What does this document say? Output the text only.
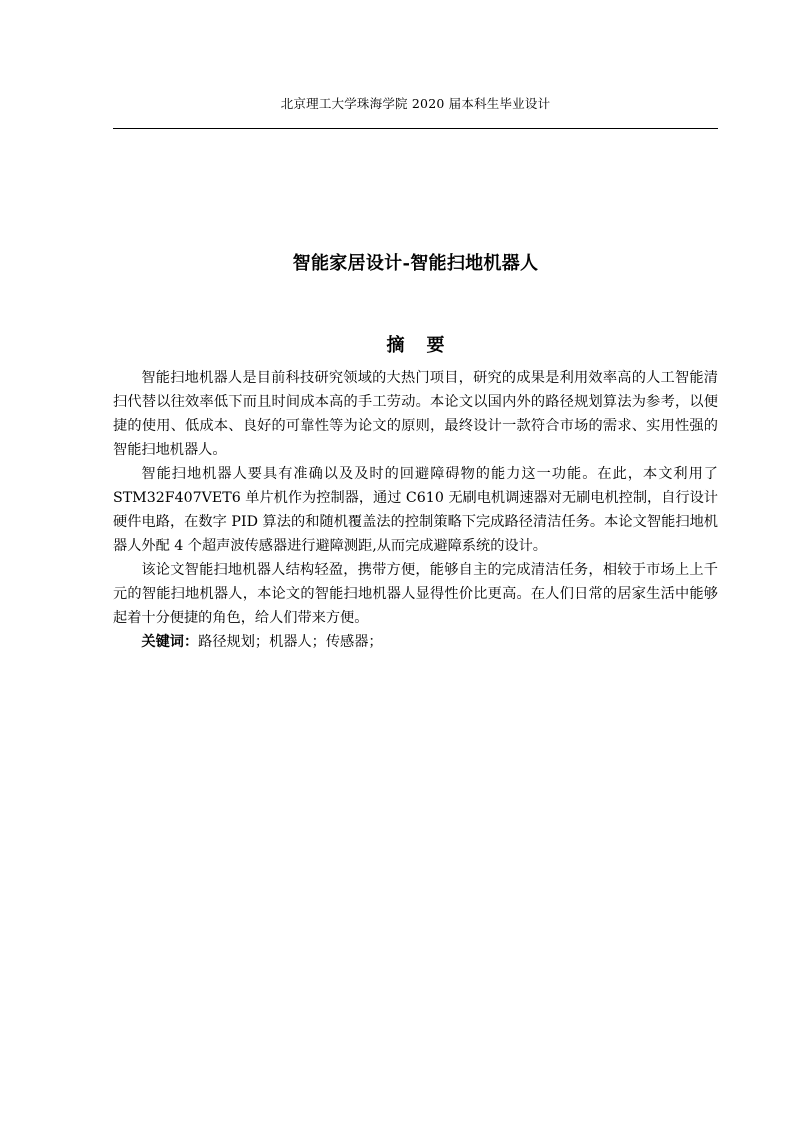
北京理工大学珠海学院 2020 届本科生毕业设计
智能家居设计-智能扫地机器人
摘要

智能扫地机器人是目前科技研究领域的大热门项目，研究的成果是利用效率高的人工智能清扫代替以往效率低下而且时间成本高的手工劳动。本论文以国内外的路径规划算法为参考，以便捷的使用、低成本、良好的可靠性等为论文的原则，最终设计一款符合市场的需求、实用性强的智能扫地机器人。

智能扫地机器人要具有准确以及及时的回避障碍物的能力这一功能。在此，本文利用了 STM32F407VET6 单片机作为控制器，通过 C610 无刷电机调速器对无刷电机控制，自行设计硬件电路，在数字 PID 算法的和随机覆盖法的控制策略下完成路径清洁任务。本论文智能扫地机器人外配 4 个超声波传感器进行避障测距,从而完成避障系统的设计。

该论文智能扫地机器人结构轻盈，携带方便，能够自主的完成清洁任务，相较于市场上上千元的智能扫地机器人，本论文的智能扫地机器人显得性价比更高。在人们日常的居家生活中能够起着十分便捷的角色，给人们带来方便。

关键词：路径规划；机器人；传感器；
